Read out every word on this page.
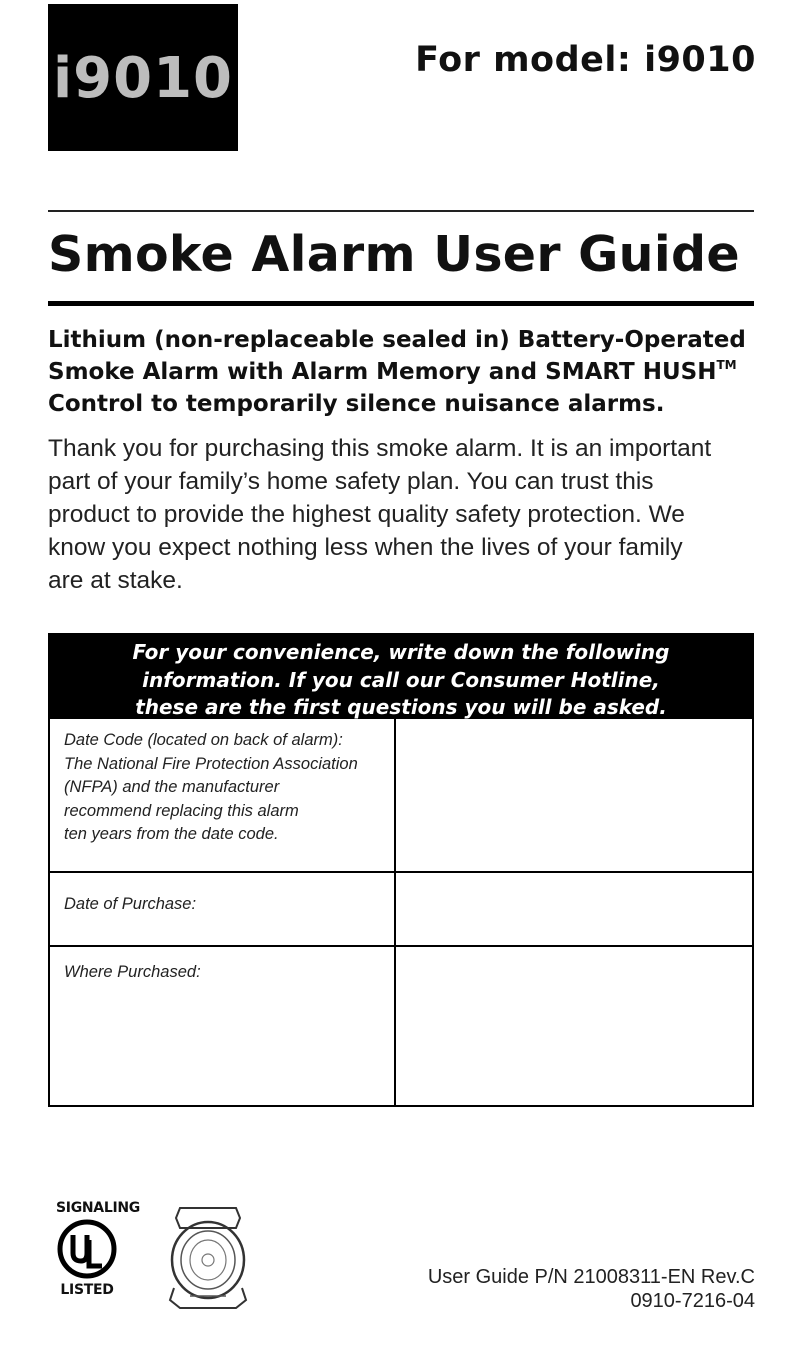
i9010	For model: i9010
Smoke Alarm User Guide
Lithium (non-replaceable sealed in) Battery-Operated
Smoke Alarm with Alarm Memory and SMART HUSH™
Control to temporarily silence nuisance alarms.
Thank you for purchasing this smoke alarm. It is an important
part of your family’s home safety plan. You can trust this
product to provide the highest quality safety protection. We
know you expect nothing less when the lives of your family
are at stake.
For your convenience, write down the following
information. If you call our Consumer Hotline,
these are the first questions you will be asked.
Date Code (located on back of alarm):
The National Fire Protection Association
(NFPA) and the manufacturer
recommend replacing this alarm
ten years from the date code.
Date of Purchase:
Where Purchased:
SIGNALING
LISTED
User Guide P/N 21008311-EN Rev.C
0910-7216-04
